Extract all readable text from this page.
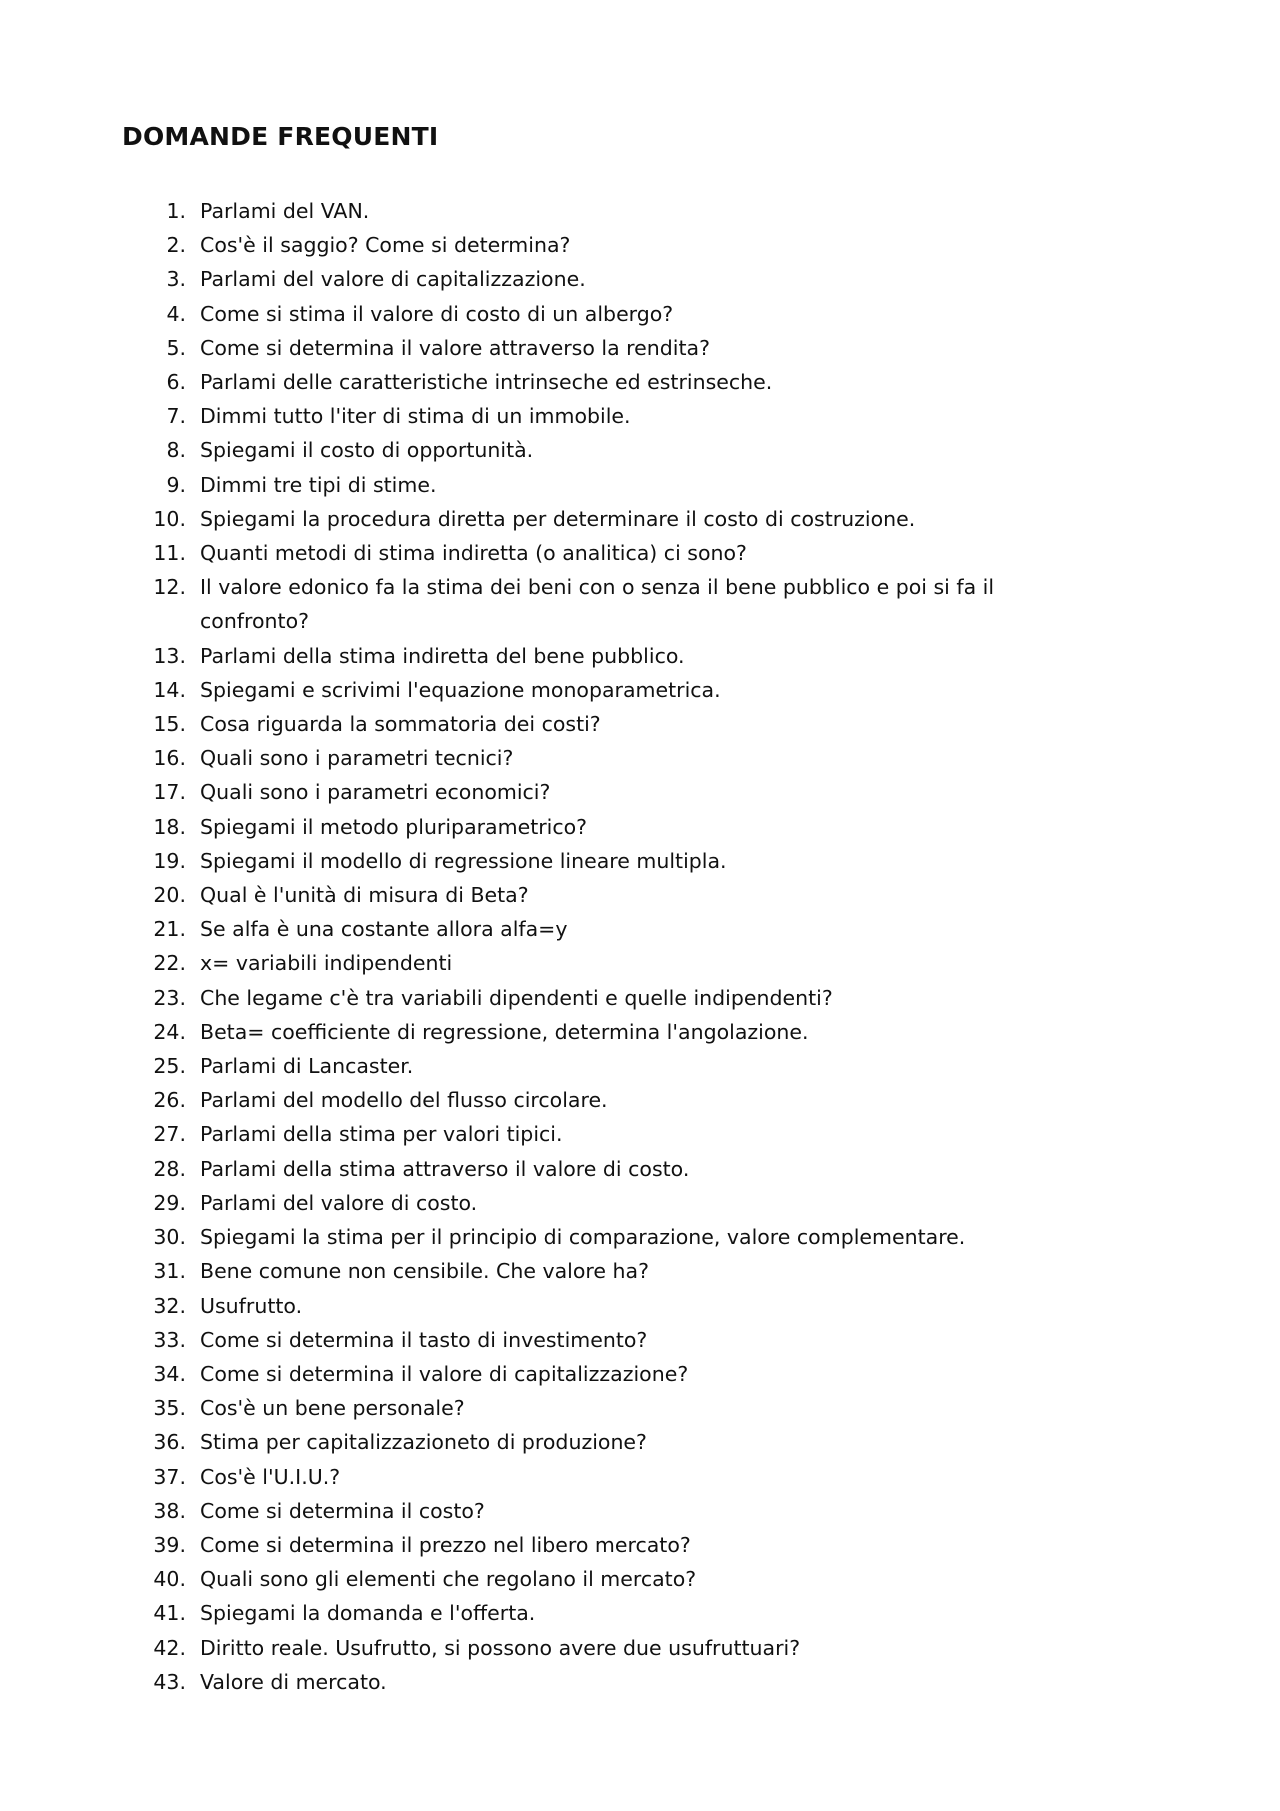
DOMANDE FREQUENTI
1. Parlami del VAN.
2. Cos'è il saggio? Come si determina?
3. Parlami del valore di capitalizzazione.
4. Come si stima il valore di costo di un albergo?
5. Come si determina il valore attraverso la rendita?
6. Parlami delle caratteristiche intrinseche ed estrinseche.
7. Dimmi tutto l'iter di stima di un immobile.
8. Spiegami il costo di opportunità.
9. Dimmi tre tipi di stime.
10. Spiegami la procedura diretta per determinare il costo di costruzione.
11. Quanti metodi di stima indiretta (o analitica) ci sono?
12. Il valore edonico fa la stima dei beni con o senza il bene pubblico e poi si fa il confronto?
13. Parlami della stima indiretta del bene pubblico.
14. Spiegami e scrivimi l'equazione monoparametrica.
15. Cosa riguarda la sommatoria dei costi?
16. Quali sono i parametri tecnici?
17. Quali sono i parametri economici?
18. Spiegami il metodo pluriparametrico?
19. Spiegami il modello di regressione lineare multipla.
20. Qual è l'unità di misura di Beta?
21. Se alfa è una costante allora alfa=y
22. x= variabili indipendenti
23. Che legame c'è tra variabili dipendenti e quelle indipendenti?
24. Beta= coefficiente di regressione, determina l'angolazione.
25. Parlami di Lancaster.
26. Parlami del modello del flusso circolare.
27. Parlami della stima per valori tipici.
28. Parlami della stima attraverso il valore di costo.
29. Parlami del valore di costo.
30. Spiegami la stima per il principio di comparazione, valore complementare.
31. Bene comune non censibile. Che valore ha?
32. Usufrutto.
33. Come si determina il tasto di investimento?
34. Come si determina il valore di capitalizzazione?
35. Cos'è un bene personale?
36. Stima per capitalizzazioneto di produzione?
37. Cos'è l'U.I.U.?
38. Come si determina il costo?
39. Come si determina il prezzo nel libero mercato?
40. Quali sono gli elementi che regolano il mercato?
41. Spiegami la domanda e l'offerta.
42. Diritto reale. Usufrutto, si possono avere due usufruttuari?
43. Valore di mercato.
